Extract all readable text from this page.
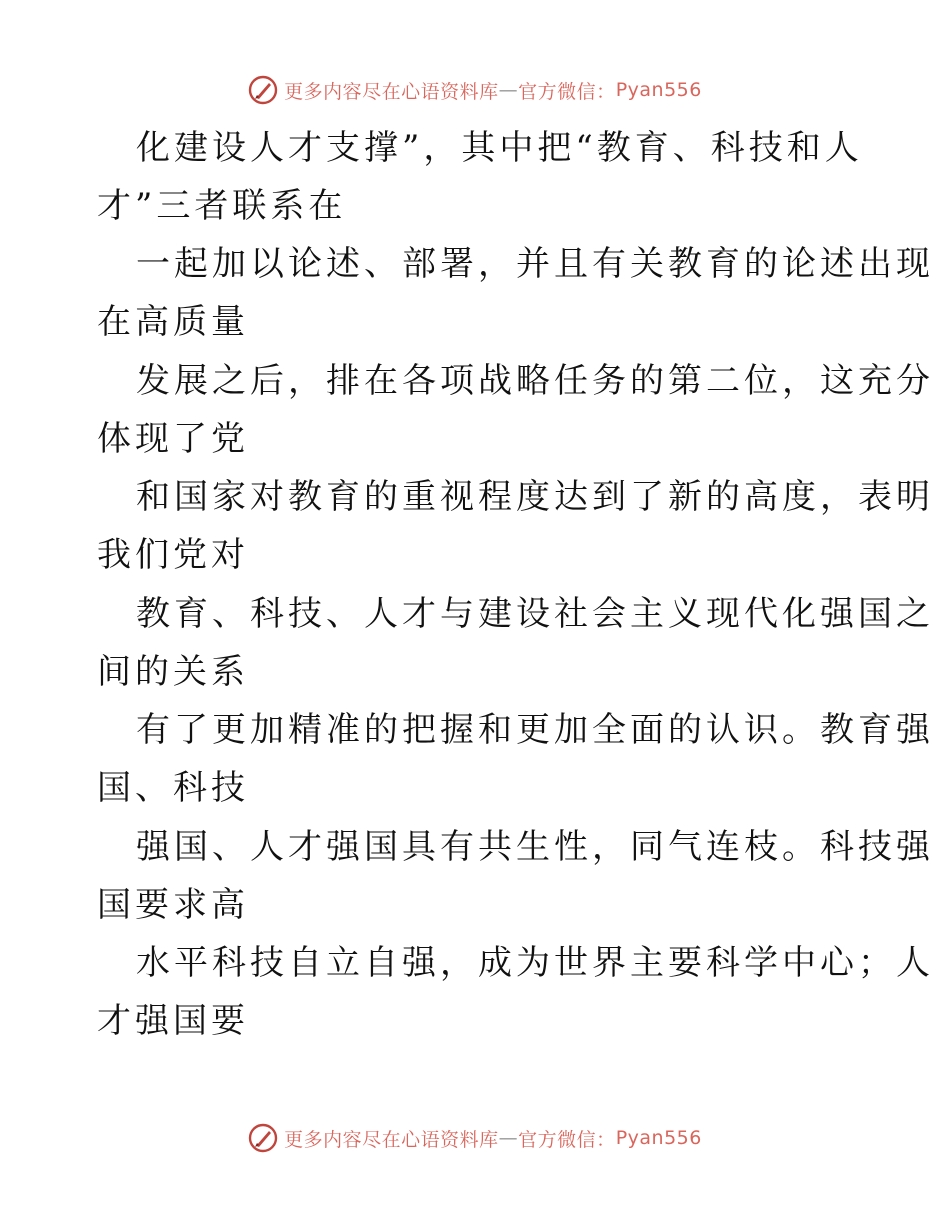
更多内容尽在心语资料库 — 官方微信： Pyan556
化建设人才支撑”，其中把“教育、科技和人
才”三者联系在
一起加以论述、部署，并且有关教育的论述出现
在高质量
发展之后，排在各项战略任务的第二位，这充分
体现了党
和国家对教育的重视程度达到了新的高度，表明
我们党对
教育、科技、人才与建设社会主义现代化强国之
间的关系
有了更加精准的把握和更加全面的认识。教育强
国、科技
强国、人才强国具有共生性，同气连枝。科技强
国要求高
水平科技自立自强，成为世界主要科学中心；人
才强国要
更多内容尽在心语资料库 — 官方微信： Pyan556
